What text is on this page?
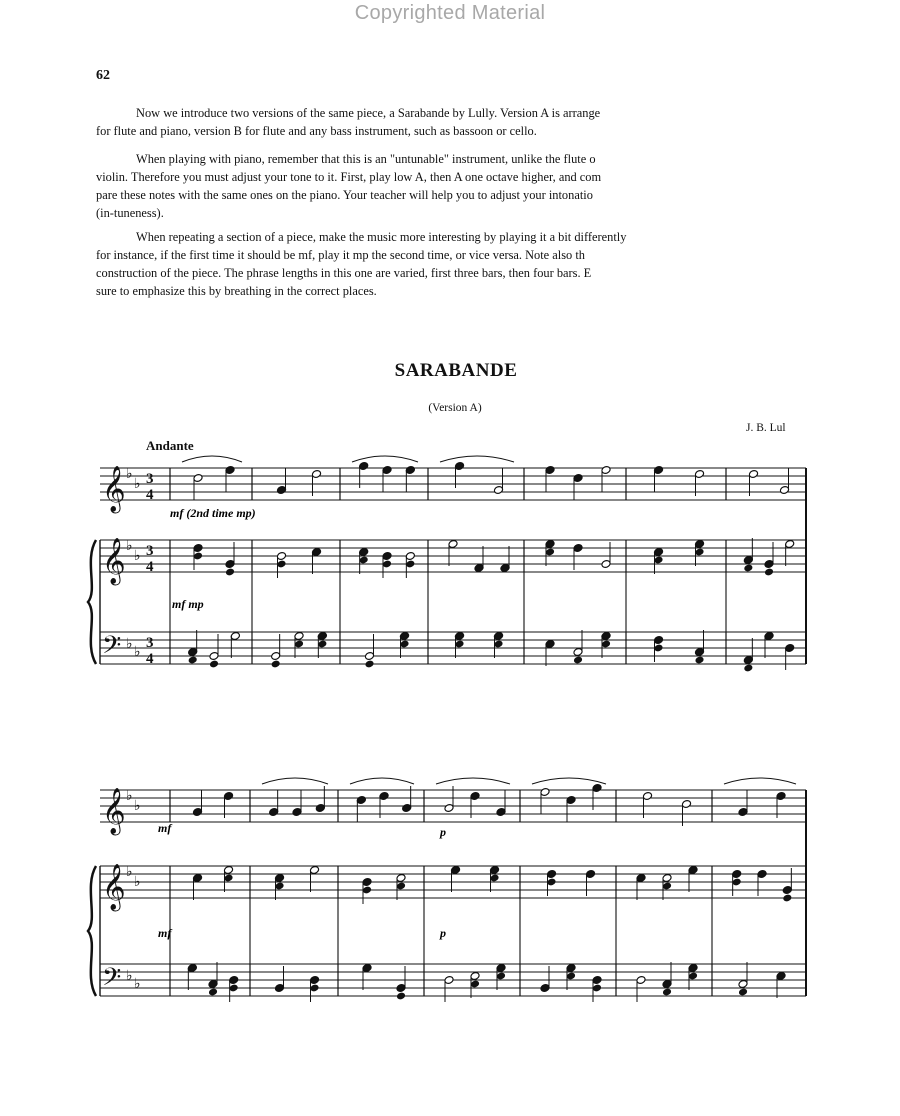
Copyrighted Material
62

Now we introduce two versions of the same piece, a Sarabande by Lully. Version A is arrange
for flute and piano, version B for flute and any bass instrument, such as bassoon or cello.

When playing with piano, remember that this is an "untunable" instrument, unlike the flute o
violin. Therefore you must adjust your tone to it. First, play low A, then A one octave higher, and com
pare these notes with the same ones on the piano. Your teacher will help you to adjust your intonatio
(in-tuneness).

When repeating a section of a piece, make the music more interesting by playing it a bit differently
for instance, if the first time it should be mf, play it mp the second time, or vice versa. Note also th
construction of the piece. The phrase lengths in this one are varied, first three bars, then four bars. E
sure to emphasize this by breathing in the correct places.

SARABANDE
(Version A)
J. B. Lul
Andante
𝄞 ♭
♭ 3
4
𝄞 ♭
♭ 3
4
𝄢 ♭ ♭
3
4
𝄞 ♭
♭
𝄞 ♭
♭
𝄢 ♭ ♭
mf (2nd time mp)
mf mp
mf	p
mf	p
